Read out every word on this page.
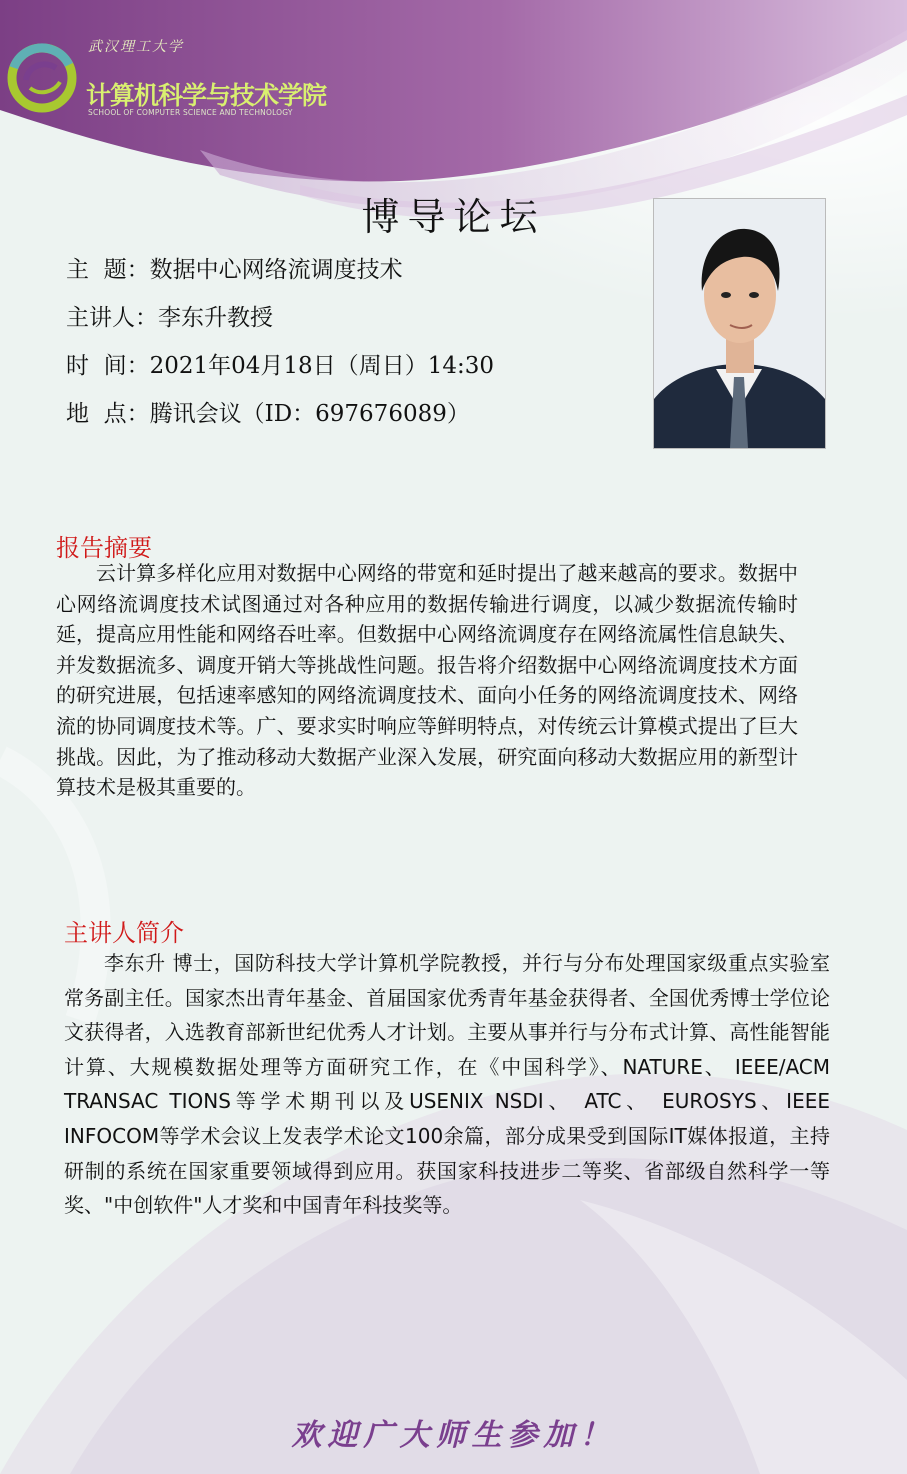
武汉理工大学
计算机科学与技术学院
SCHOOL OF COMPUTER SCIENCE AND TECHNOLOGY
博导论坛
主  题：数据中心网络流调度技术
主讲人：李东升教授
时  间：2021年04月18日（周日）14:30
地  点：腾讯会议（ID：697676089）
报告摘要
云计算多样化应用对数据中心网络的带宽和延时提出了越来越高的要求。数据中心网络流调度技术试图通过对各种应用的数据传输进行调度，以减少数据流传输时延，提高应用性能和网络吞吐率。但数据中心网络流调度存在网络流属性信息缺失、并发数据流多、调度开销大等挑战性问题。报告将介绍数据中心网络流调度技术方面的研究进展，包括速率感知的网络流调度技术、面向小任务的网络流调度技术、网络流的协同调度技术等。广、要求实时响应等鲜明特点，对传统云计算模式提出了巨大挑战。因此，为了推动移动大数据产业深入发展，研究面向移动大数据应用的新型计算技术是极其重要的。
主讲人简介
李东升 博士，国防科技大学计算机学院教授，并行与分布处理国家级重点实验室常务副主任。国家杰出青年基金、首届国家优秀青年基金获得者、全国优秀博士学位论文获得者，入选教育部新世纪优秀人才计划。主要从事并行与分布式计算、高性能智能计算、大规模数据处理等方面研究工作，在《中国科学》、NATURE、 IEEE/ACM TRANSAC TIONS等学术期刊以及USENIX NSDI、 ATC、 EUROSYS、IEEE INFOCOM等学术会议上发表学术论文100余篇，部分成果受到国际IT媒体报道，主持研制的系统在国家重要领域得到应用。获国家科技进步二等奖、省部级自然科学一等奖、"中创软件"人才奖和中国青年科技奖等。
欢迎广大师生参加！
